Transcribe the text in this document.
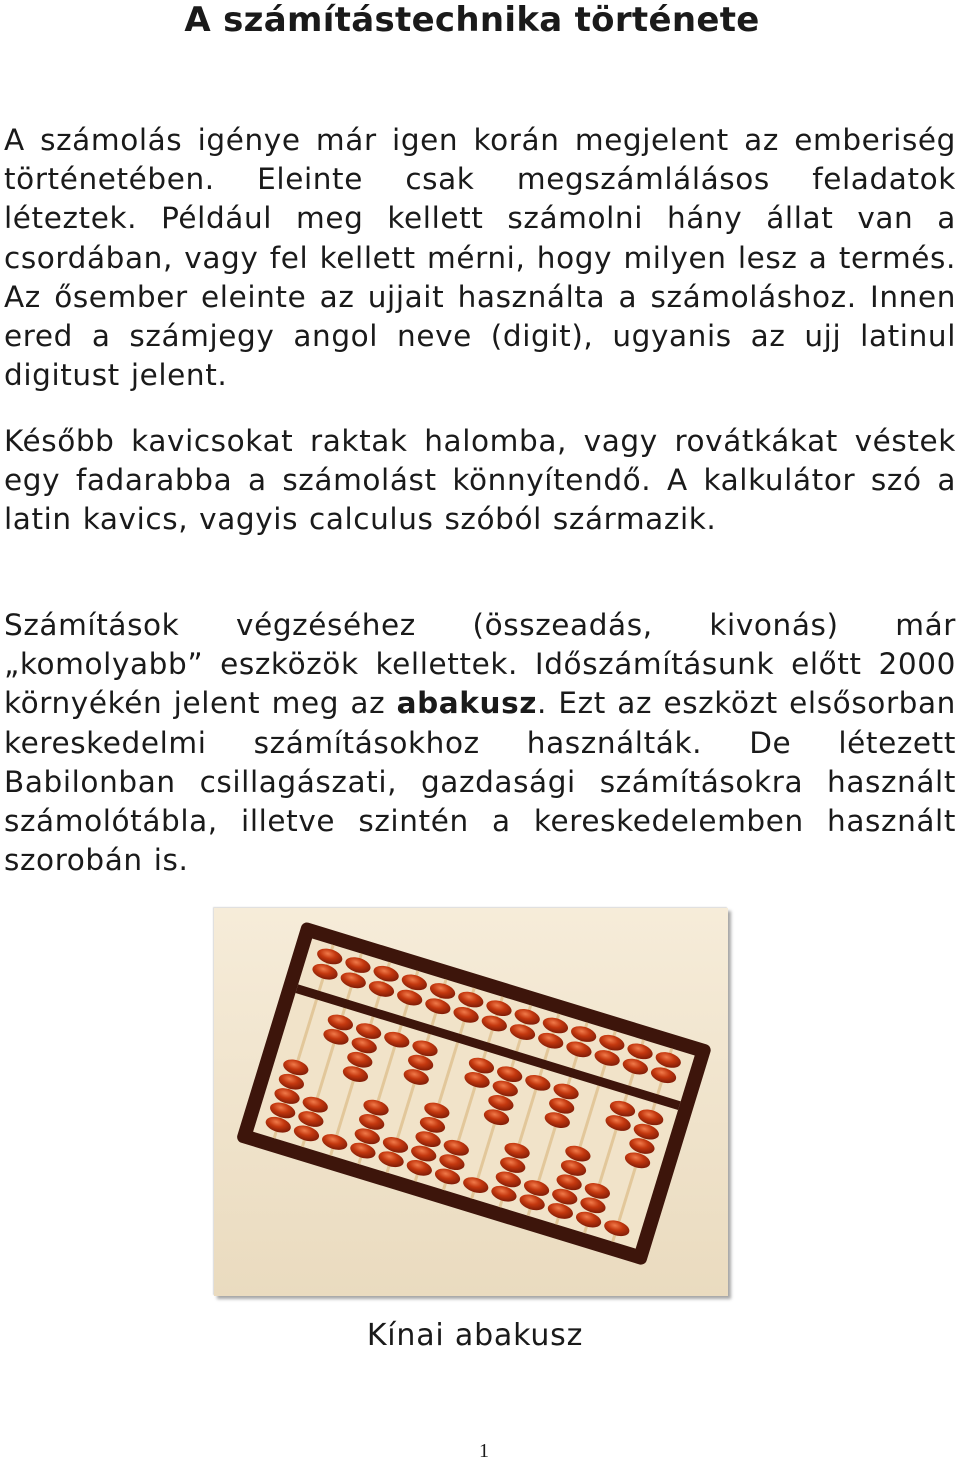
A számítástechnika története

A számolás igénye már igen korán megjelent az emberiség történetében. Eleinte csak megszámlálásos feladatok léteztek. Például meg kellett számolni hány állat van a csordában, vagy fel kellett mérni, hogy milyen lesz a termés. Az ősember eleinte az ujjait használta a számoláshoz. Innen ered a számjegy angol neve (digit), ugyanis az ujj latinul digitust jelent.

Később kavicsokat raktak halomba, vagy rovátkákat véstek egy fadarabba a számolást könnyítendő. A kalkulátor szó a latin kavics, vagyis calculus szóból származik.

Számítások végzéséhez (összeadás, kivonás) már „komolyabb” eszközök kellettek. Időszámításunk előtt 2000 környékén jelent meg az abakusz. Ezt az eszközt elsősorban kereskedelmi számításokhoz használták. De létezett Babilonban csillagászati, gazdasági számításokra használt számolótábla, illetve szintén a kereskedelemben használt szorobán is.

Kínai abakusz

1
